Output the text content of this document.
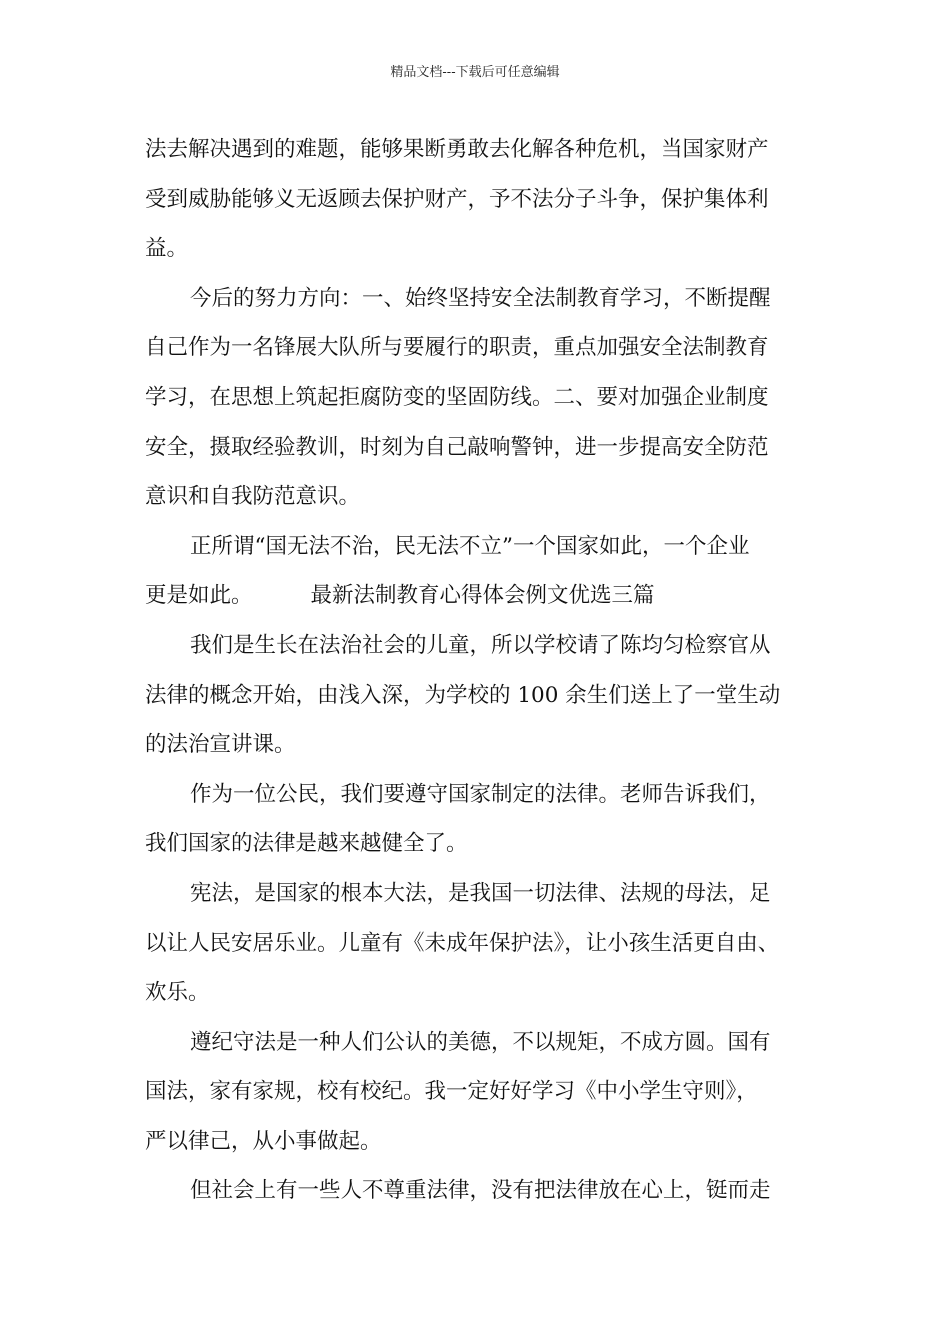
精品文档---下载后可任意编辑
法去解决遇到的难题，能够果断勇敢去化解各种危机，当国家财产
受到威胁能够义无返顾去保护财产，予不法分子斗争，保护集体利
益。
今后的努力方向：一、始终坚持安全法制教育学习，不断提醒
自己作为一名锋展大队所与要履行的职责，重点加强安全法制教育
学习，在思想上筑起拒腐防变的坚固防线。二、要对加强企业制度
安全，摄取经验教训，时刻为自己敲响警钟，进一步提高安全防范
意识和自我防范意识。
正所谓“国无法不治，民无法不立”一个国家如此，一个企业
更是如此。	最新法制教育心得体会例文优选三篇
我们是生长在法治社会的儿童，所以学校请了陈均匀检察官从
法律的概念开始，由浅入深，为学校的 100 余生们送上了一堂生动
的法治宣讲课。
作为一位公民，我们要遵守国家制定的法律。老师告诉我们，
我们国家的法律是越来越健全了。
宪法，是国家的根本大法，是我国一切法律、法规的母法，足
以让人民安居乐业。儿童有《未成年保护法》，让小孩生活更自由、
欢乐。
遵纪守法是一种人们公认的美德，不以规矩，不成方圆。国有
国法，家有家规，校有校纪。我一定好好学习《中小学生守则》，
严以律己，从小事做起。
但社会上有一些人不尊重法律，没有把法律放在心上，铤而走
